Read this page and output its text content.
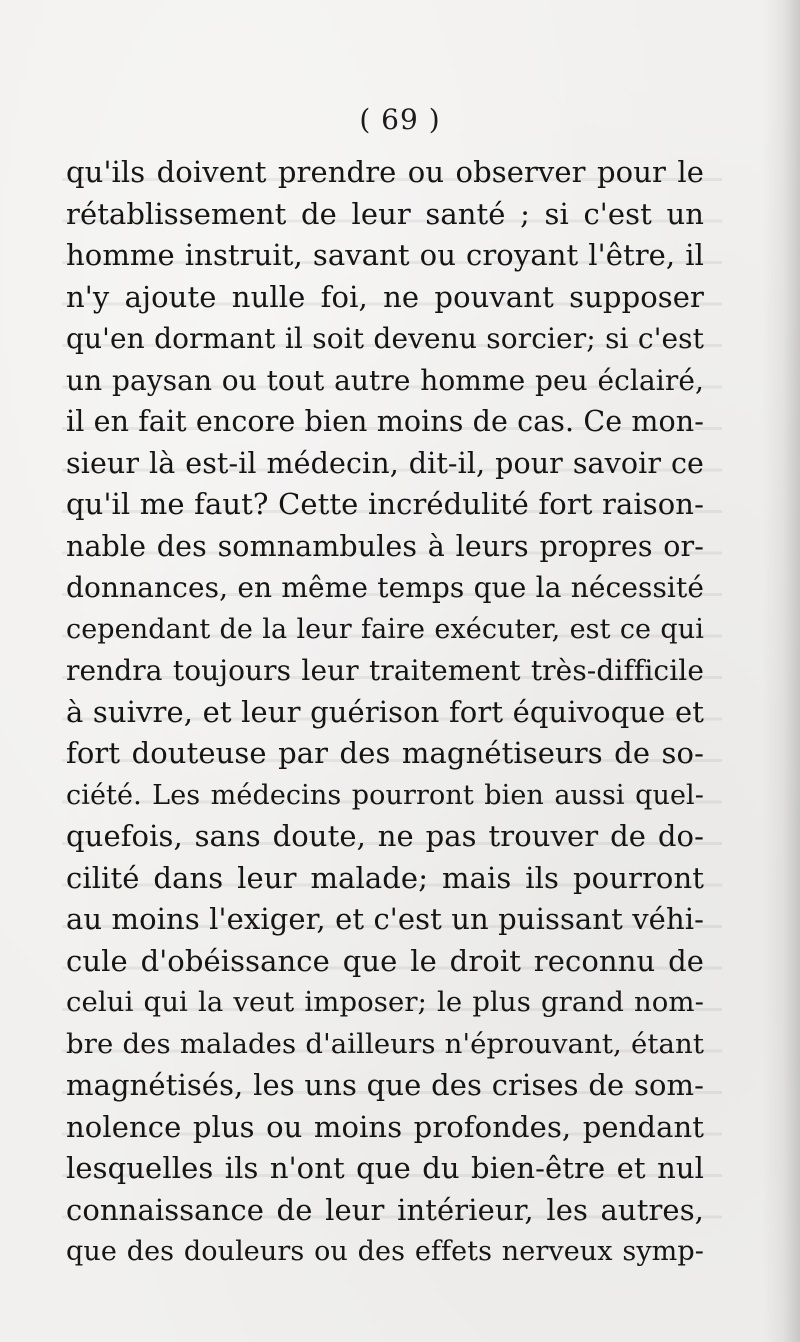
( 69 )
qu'ils doivent prendre ou observer pour le
rétablissement de leur santé ; si c'est un
homme instruit, savant ou croyant l'être, il
n'y ajoute nulle foi, ne pouvant supposer
qu'en dormant il soit devenu sorcier; si c'est
un paysan ou tout autre homme peu éclairé,
il en fait encore bien moins de cas. Ce mon-
sieur là est-il médecin, dit-il, pour savoir ce
qu'il me faut? Cette incrédulité fort raison-
nable des somnambules à leurs propres or-
donnances, en même temps que la nécessité
cependant de la leur faire exécuter, est ce qui
rendra toujours leur traitement très-difficile
à suivre, et leur guérison fort équivoque et
fort douteuse par des magnétiseurs de so-
ciété. Les médecins pourront bien aussi quel-
quefois, sans doute, ne pas trouver de do-
cilité dans leur malade; mais ils pourront
au moins l'exiger, et c'est un puissant véhi-
cule d'obéissance que le droit reconnu de
celui qui la veut imposer; le plus grand nom-
bre des malades d'ailleurs n'éprouvant, étant
magnétisés, les uns que des crises de som-
nolence plus ou moins profondes, pendant
lesquelles ils n'ont que du bien-être et nul
connaissance de leur intérieur, les autres,
que des douleurs ou des effets nerveux symp-
